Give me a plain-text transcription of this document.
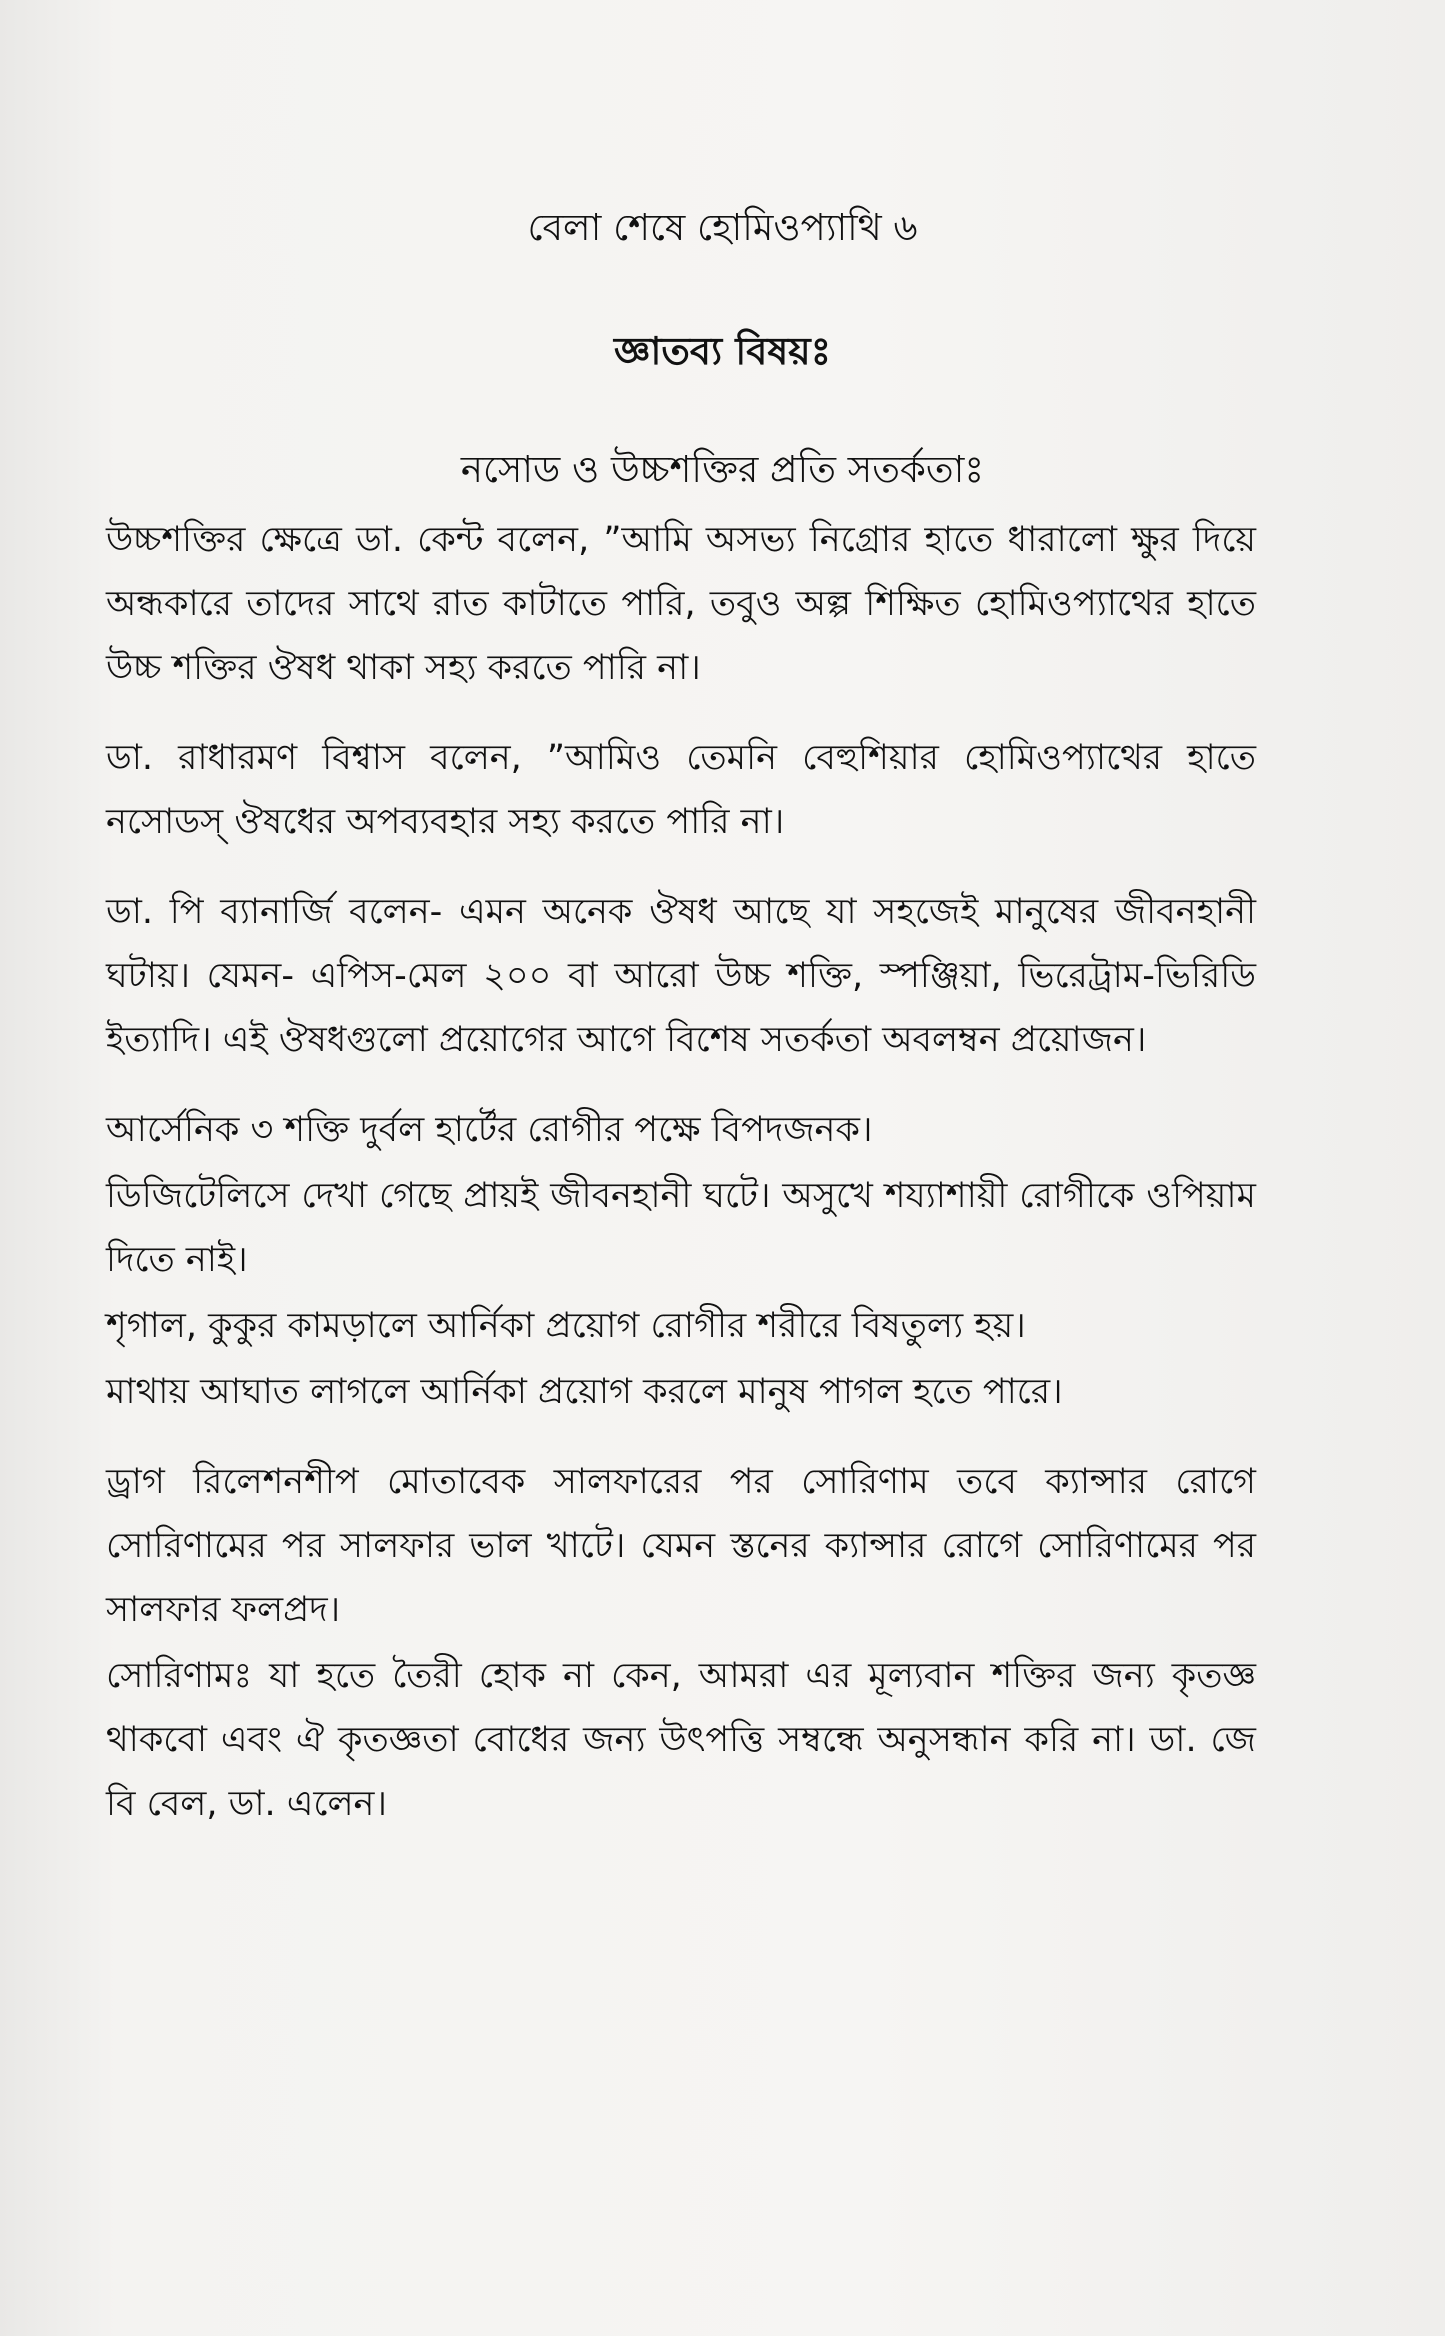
বেলা শেষে হোমিওপ্যাথি ৬
জ্ঞাতব্য বিষয়ঃ
নসোড ও উচ্চশক্তির প্রতি সতর্কতাঃ

উচ্চশক্তির ক্ষেত্রে ডা. কেন্ট বলেন, ”আমি অসভ্য নিগ্রোর হাতে ধারালো ক্ষুর দিয়ে অন্ধকারে তাদের সাথে রাত কাটাতে পারি, তবুও অল্প শিক্ষিত হোমিওপ্যাথের হাতে উচ্চ শক্তির ঔষধ থাকা সহ্য করতে পারি না।

ডা. রাধারমণ বিশ্বাস বলেন, ”আমিও তেমনি বেহুশিয়ার হোমিওপ্যাথের হাতে নসোডস্ ঔষধের অপব্যবহার সহ্য করতে পারি না।

ডা. পি ব্যানার্জি বলেন- এমন অনেক ঔষধ আছে যা সহজেই মানুষের জীবনহানী ঘটায়। যেমন- এপিস-মেল ২০০ বা আরো উচ্চ শক্তি, স্পঞ্জিয়া, ভিরেট্রাম-ভিরিডি ইত্যাদি। এই ঔষধগুলো প্রয়োগের আগে বিশেষ সতর্কতা অবলম্বন প্রয়োজন।

আর্সেনিক ৩ শক্তি দুর্বল হার্টের রোগীর পক্ষে বিপদজনক।

ডিজিটেলিসে দেখা গেছে প্রায়ই জীবনহানী ঘটে। অসুখে শয্যাশায়ী রোগীকে ওপিয়াম দিতে নাই।

শৃগাল, কুকুর কামড়ালে আর্নিকা প্রয়োগ রোগীর শরীরে বিষতুল্য হয়।

মাথায় আঘাত লাগলে আর্নিকা প্রয়োগ করলে মানুষ পাগল হতে পারে।

ড্রাগ রিলেশনশীপ মোতাবেক সালফারের পর সোরিণাম তবে ক্যান্সার রোগে সোরিণামের পর সালফার ভাল খাটে। যেমন স্তনের ক্যান্সার রোগে সোরিণামের পর সালফার ফলপ্রদ।

সোরিণামঃ যা হতে তৈরী হোক না কেন, আমরা এর মূল্যবান শক্তির জন্য কৃতজ্ঞ থাকবো এবং ঐ কৃতজ্ঞতা বোধের জন্য উৎপত্তি সম্বন্ধে অনুসন্ধান করি না। ডা. জে বি বেল, ডা. এলেন।
